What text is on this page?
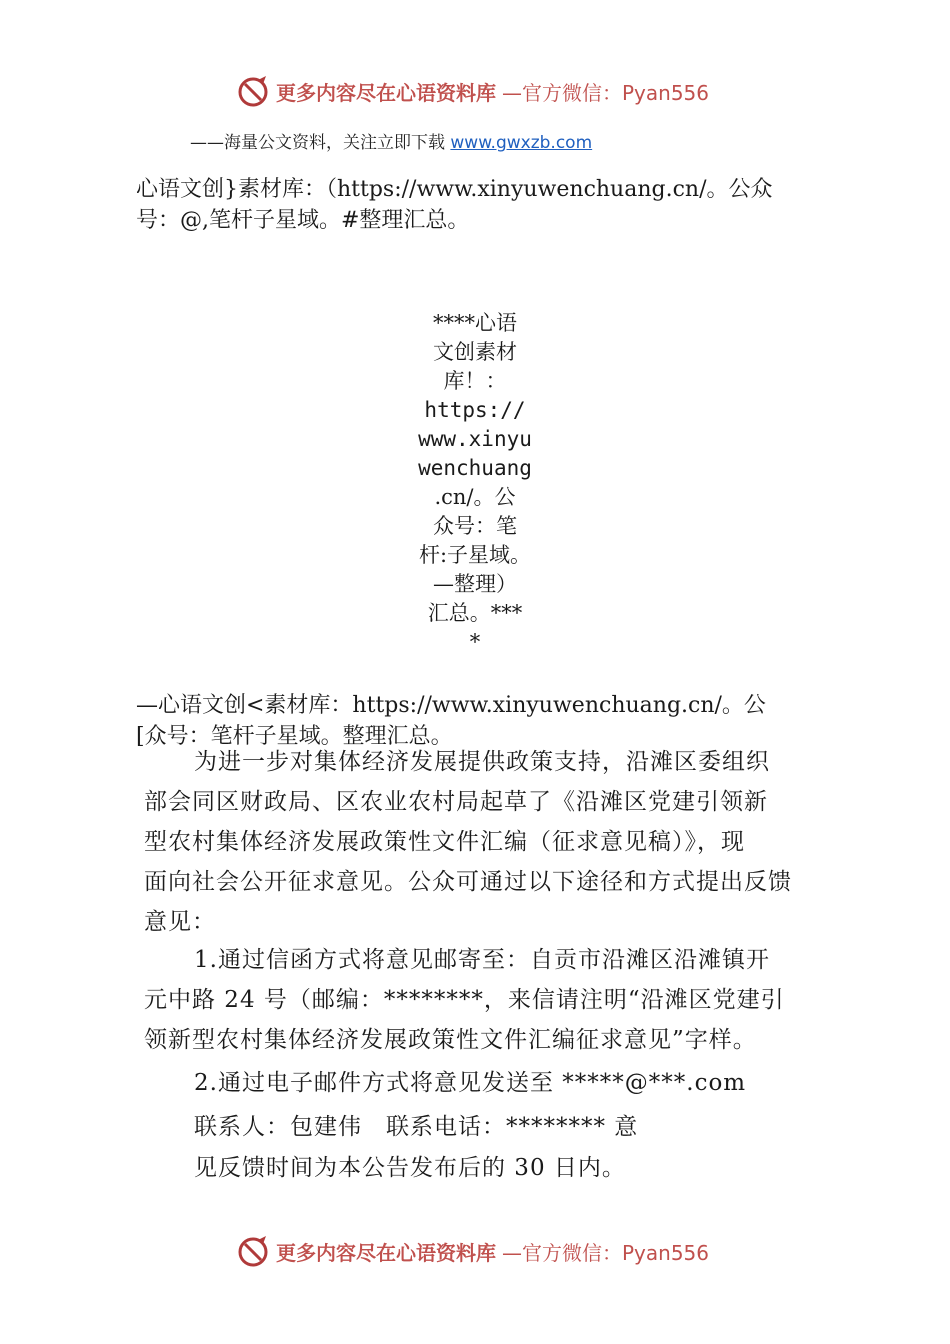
更多内容尽在心语资料库 —官方微信：Pyan556
——海量公文资料，关注立即下载 www.gwxzb.com
心语文创}素材库：（https://www.xinyuwenchuang.cn/。公众
号：@,笔杆子星域。#整理汇总。
****心语
文创素材
库！：
https://
www.xinyu
wenchuang
.cn/。公
众号：笔
杆:子星域。
—整理）
汇总。***
*
—心语文创<素材库：https://www.xinyuwenchuang.cn/。公
[众号：笔杆子星域。整理汇总。
为进一步对集体经济发展提供政策支持，沿滩区委组织
部会同区财政局、区农业农村局起草了《沿滩区党建引领新
型农村集体经济发展政策性文件汇编（征求意见稿）》，现
面向社会公开征求意见。公众可通过以下途径和方式提出反馈
意见：
1.通过信函方式将意见邮寄至：自贡市沿滩区沿滩镇开
元中路 24 号（邮编：********，来信请注明“沿滩区党建引
领新型农村集体经济发展政策性文件汇编征求意见”字样。
2.通过电子邮件方式将意见发送至 *****@***.com
联系人：包建伟　联系电话：******** 意
见反馈时间为本公告发布后的 30 日内。
更多内容尽在心语资料库 —官方微信：Pyan556
